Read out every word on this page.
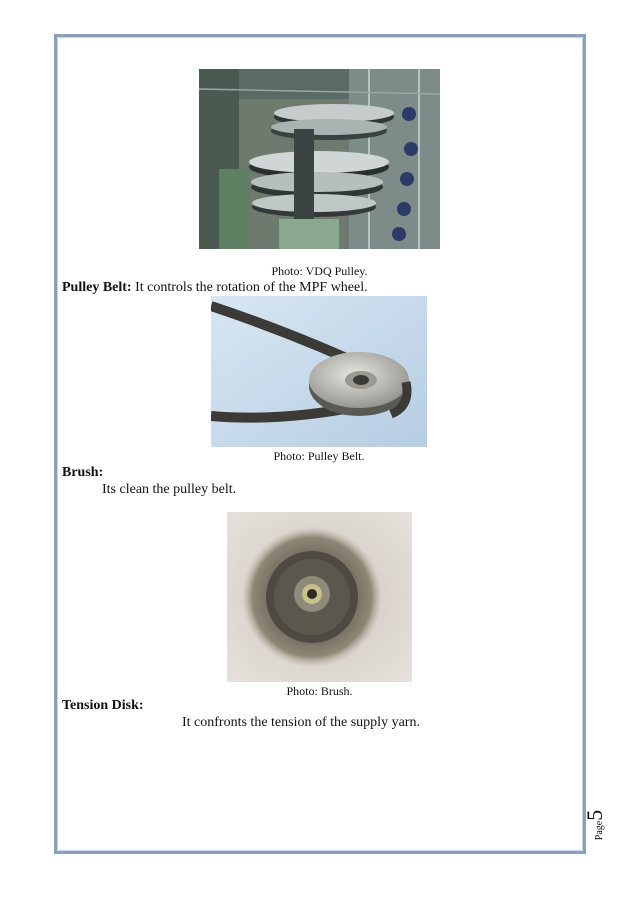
Photo: VDQ Pulley.
Pulley Belt: It controls the rotation of the MPF wheel.
Photo: Pulley Belt.
Brush:
Its clean the pulley belt.
Photo: Brush.
Tension Disk:
It confronts the tension of the supply yarn.
Page5
